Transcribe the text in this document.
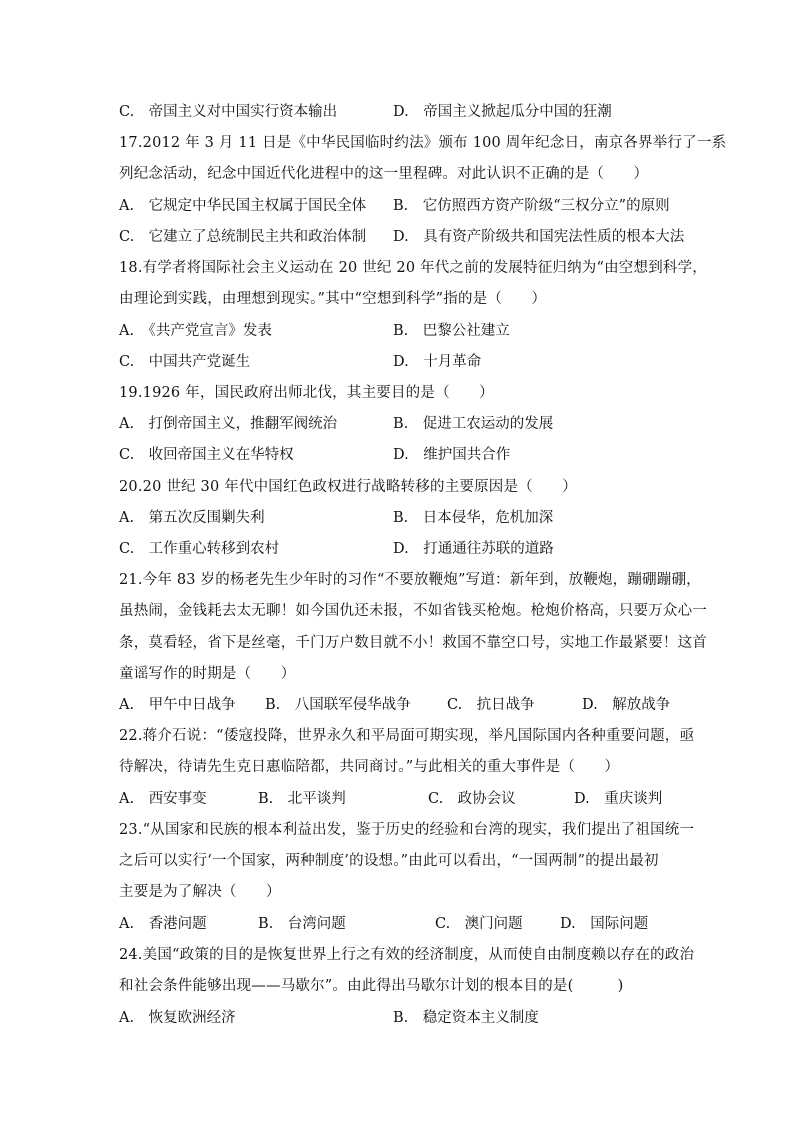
C.　帝国主义对中国实行资本输出	D.　帝国主义掀起瓜分中国的狂潮
17.2012 年 3 月 11 日是《中华民国临时约法》颁布 100 周年纪念日，南京各界举行了一系
列纪念活动，纪念中国近代化进程中的这一里程碑。对此认识不正确的是（　　）
A.　它规定中华民国主权属于国民全体 B.　它仿照西方资产阶级“三权分立”的原则
C.　它建立了总统制民主共和政治体制 D.　具有资产阶级共和国宪法性质的根本大法
18.有学者将国际社会主义运动在 20 世纪 20 年代之前的发展特征归纳为“由空想到科学，
由理论到实践，由理想到现实。”其中“空想到科学”指的是（　　）
A.　《共产党宣言》发表	B.　巴黎公社建立
C.　中国共产党诞生	D.　十月革命
19.1926 年，国民政府出师北伐，其主要目的是（　　）
A.　打倒帝国主义，推翻军阀统治	B.　促进工农运动的发展
C.　收回帝国主义在华特权	D.　维护国共合作
20.20 世纪 30 年代中国红色政权进行战略转移的主要原因是（　　）
A.　第五次反围剿失利	B.　日本侵华，危机加深
C.　工作重心转移到农村	D.　打通通往苏联的道路
21.今年 83 岁的杨老先生少年时的习作“不要放鞭炮”写道：新年到，放鞭炮，蹦硼蹦硼，
虽热闹，金钱耗去太无聊！如今国仇还未报，不如省钱买枪炮。枪炮价格高，只要万众心一
条，莫看轻，省下是丝毫，千门万户数目就不小！救国不靠空口号，实地工作最紧要！这首
童谣写作的时期是（　　）
A.　甲午中日战争 B.　八国联军侵华战争 C.　抗日战争	D.　解放战争
22.蒋介石说：“倭寇投降，世界永久和平局面可期实现，举凡国际国内各种重要问题，亟
待解决，待请先生克日惠临陪都，共同商讨。”与此相关的重大事件是（　　）
A.　西安事变	B.　北平谈判	C.　政协会议	D.　重庆谈判
23.“从国家和民族的根本利益出发，鉴于历史的经验和台湾的现实，我们提出了祖国统一
之后可以实行‘一个国家，两种制度’的设想。”由此可以看出，“一国两制”的提出最初
主要是为了解决（　　）
A.　香港问题	B.　台湾问题	C.　澳门问题	D.　国际问题
24.美国“政策的目的是恢复世界上行之有效的经济制度，从而使自由制度赖以存在的政治
和社会条件能够出现——马歇尔”。由此得出马歇尔计划的根本目的是(　　　)
A.　恢复欧洲经济	B.　稳定资本主义制度
